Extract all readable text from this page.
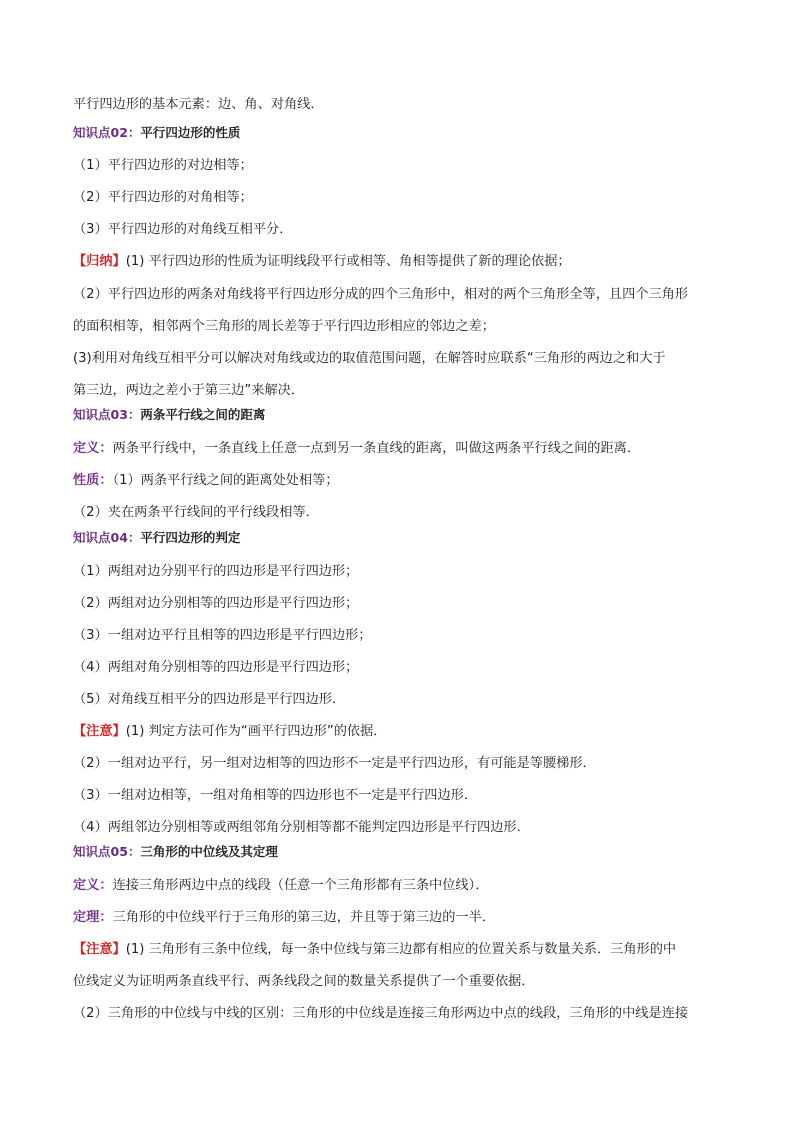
平行四边形的基本元素：边、角、对角线．
知识点02：平行四边形的性质
（1）平行四边形的对边相等；
（2）平行四边形的对角相等；
（3）平行四边形的对角线互相平分．
【归纳】(1) 平行四边形的性质为证明线段平行或相等、角相等提供了新的理论依据；
（2）平行四边形的两条对角线将平行四边形分成的四个三角形中，相对的两个三角形全等，且四个三角形
的面积相等，相邻两个三角形的周长差等于平行四边形相应的邻边之差；
(3)利用对角线互相平分可以解决对角线或边的取值范围问题，在解答时应联系“三角形的两边之和大于
第三边，两边之差小于第三边”来解决．
知识点03：两条平行线之间的距离
定义：两条平行线中，一条直线上任意一点到另一条直线的距离，叫做这两条平行线之间的距离．
性质：（1）两条平行线之间的距离处处相等；
（2）夹在两条平行线间的平行线段相等．
知识点04：平行四边形的判定
（1）两组对边分别平行的四边形是平行四边形；
（2）两组对边分别相等的四边形是平行四边形；
（3）一组对边平行且相等的四边形是平行四边形；
（4）两组对角分别相等的四边形是平行四边形；
（5）对角线互相平分的四边形是平行四边形．
【注意】(1) 判定方法可作为“画平行四边形”的依据．
（2）一组对边平行，另一组对边相等的四边形不一定是平行四边形，有可能是等腰梯形．
（3）一组对边相等，一组对角相等的四边形也不一定是平行四边形．
（4）两组邻边分别相等或两组邻角分别相等都不能判定四边形是平行四边形．
知识点05：三角形的中位线及其定理
定义：连接三角形两边中点的线段（任意一个三角形都有三条中位线）．
定理：三角形的中位线平行于三角形的第三边，并且等于第三边的一半．
【注意】(1) 三角形有三条中位线，每一条中位线与第三边都有相应的位置关系与数量关系．三角形的中
位线定义为证明两条直线平行、两条线段之间的数量关系提供了一个重要依据．
（2）三角形的中位线与中线的区别：三角形的中位线是连接三角形两边中点的线段，三角形的中线是连接
